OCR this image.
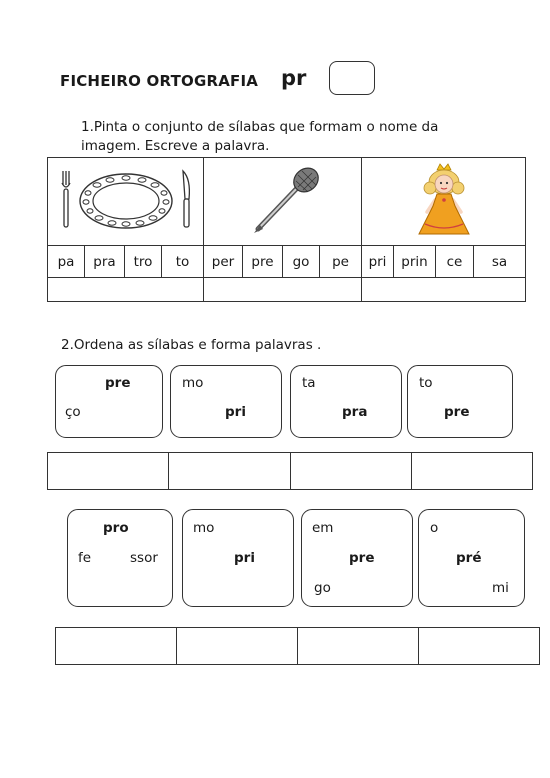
FICHEIRO ORTOGRAFIA pr
1.Pinta o conjunto de sílabas que formam o nome da
imagem. Escreve a palavra.

pa	pra	tro	to	per	pre	go	pe	pri	prin	ce	sa

2.Ordena as sílabas e forma palavras .
pre
ço
mo
pri
ta
pra
to
pre
pro
fe	ssor
mo
pri
em
pre
go
o
pré
mi
